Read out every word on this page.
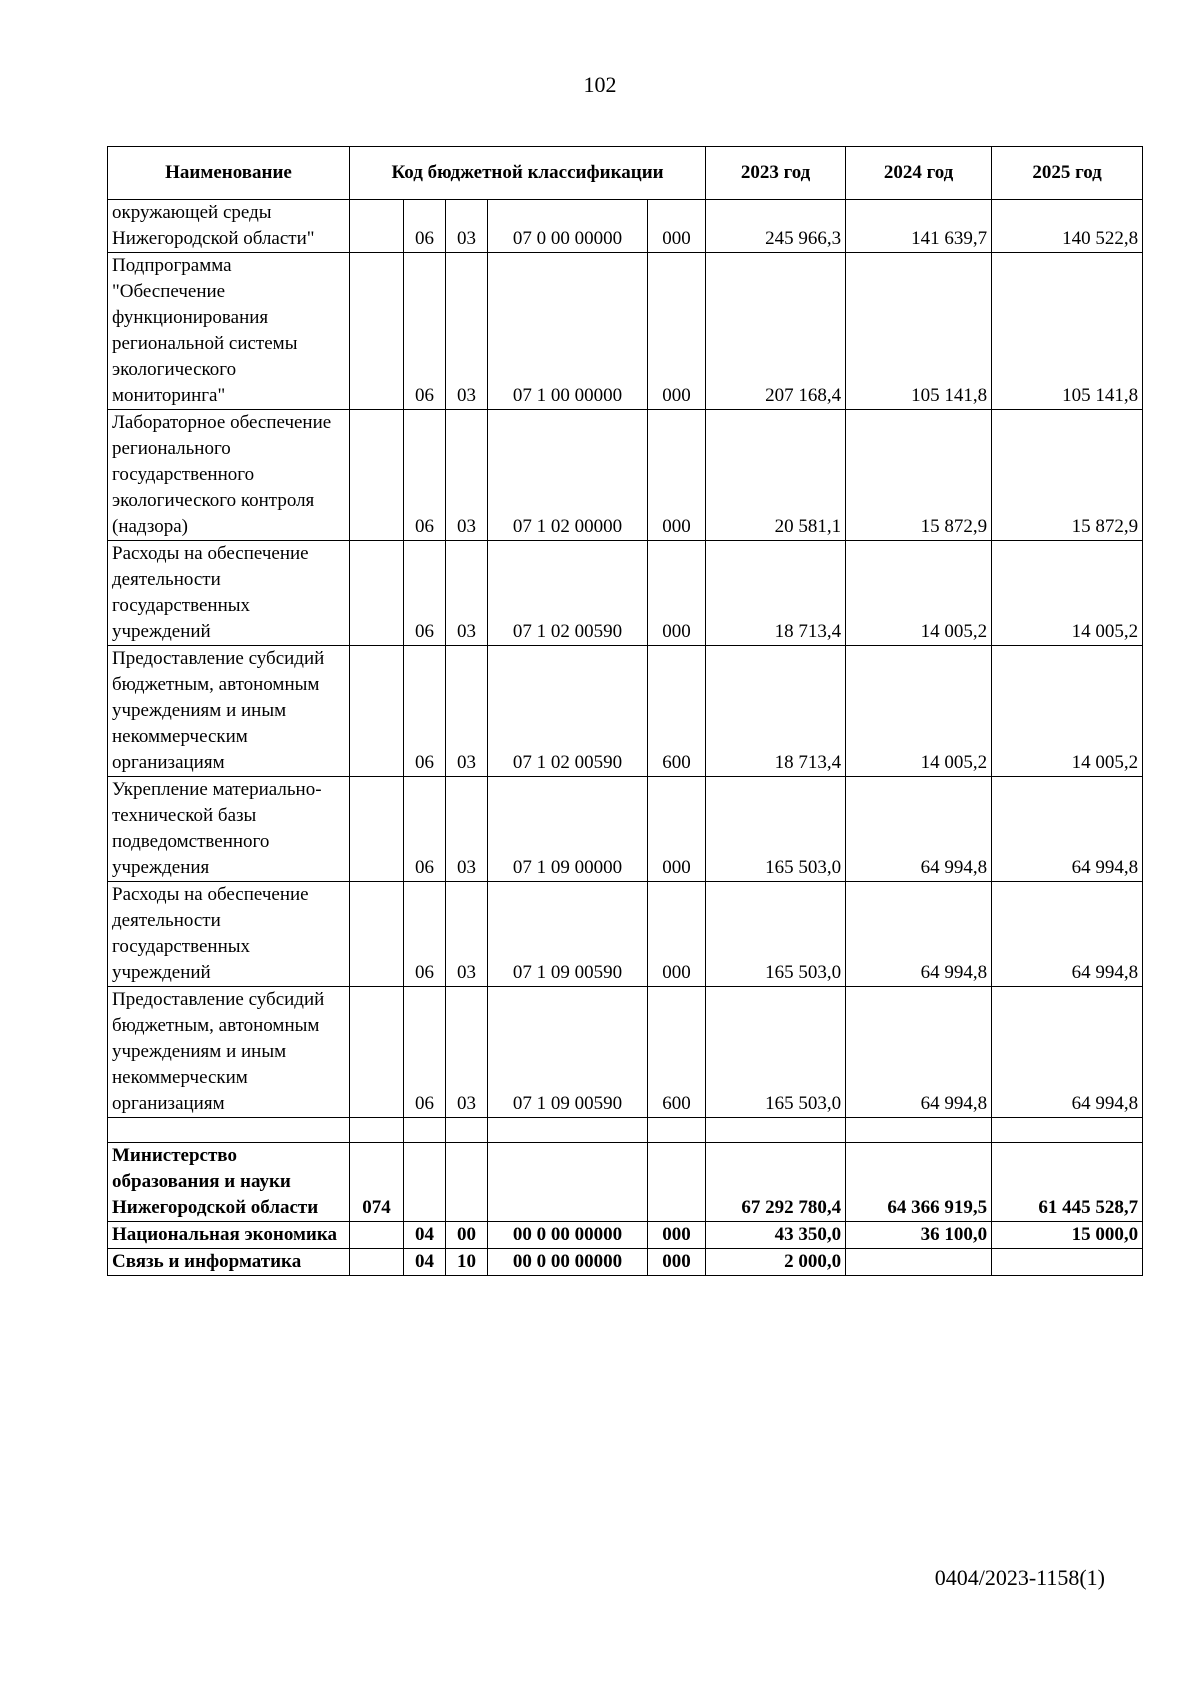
102
Наименование	Код бюджетной классификации					2023 год	2024 год	2025 год
окружающей среды Нижегородской области"		06	03	07 0 00 00000	000	245 966,3	141 639,7	140 522,8
Подпрограмма "Обеспечение функционирования региональной системы экологического мониторинга"		06	03	07 1 00 00000	000	207 168,4	105 141,8	105 141,8
Лабораторное обеспечение регионального государственного экологического контроля (надзора)		06	03	07 1 02 00000	000	20 581,1	15 872,9	15 872,9
Расходы на обеспечение деятельности государственных учреждений		06	03	07 1 02 00590	000	18 713,4	14 005,2	14 005,2
Предоставление субсидий бюджетным, автономным учреждениям и иным некоммерческим организациям		06	03	07 1 02 00590	600	18 713,4	14 005,2	14 005,2
Укрепление материально-технической базы подведомственного учреждения		06	03	07 1 09 00000	000	165 503,0	64 994,8	64 994,8
Расходы на обеспечение деятельности государственных учреждений		06	03	07 1 09 00590	000	165 503,0	64 994,8	64 994,8
Предоставление субсидий бюджетным, автономным учреждениям и иным некоммерческим организациям		06	03	07 1 09 00590	600	165 503,0	64 994,8	64 994,8

Министерство образования и науки Нижегородской области	074					67 292 780,4	64 366 919,5	61 445 528,7
Национальная экономика		04	00	00 0 00 00000	000	43 350,0	36 100,0	15 000,0
Связь и информатика		04	10	00 0 00 00000	000	2 000,0		
0404/2023-1158(1)
